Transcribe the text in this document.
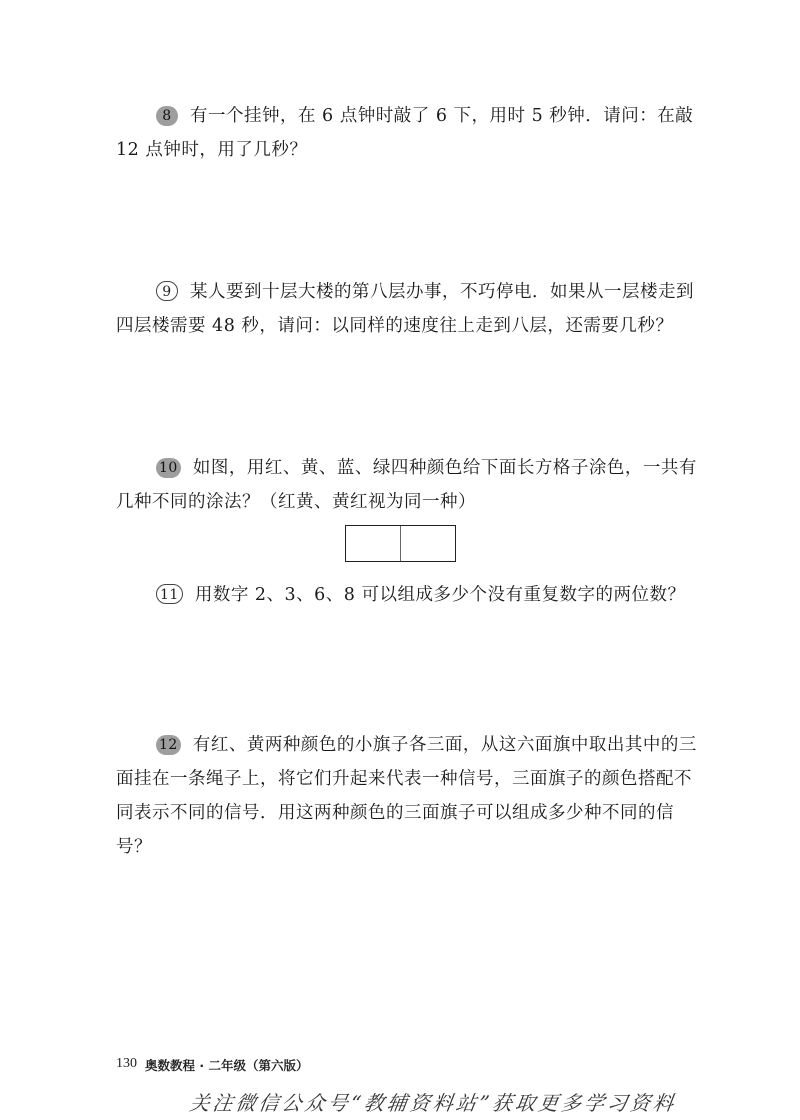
8 有一个挂钟，在 6 点钟时敲了 6 下，用时 5 秒钟．请问：在敲 12 点钟时，用了几秒？

9 某人要到十层大楼的第八层办事，不巧停电．如果从一层楼走到四层楼需要 48 秒，请问：以同样的速度往上走到八层，还需要几秒？

10 如图，用红、黄、蓝、绿四种颜色给下面长方格子涂色，一共有几种不同的涂法？（红黄、黄红视为同一种）

11 用数字 2、3、6、8 可以组成多少个没有重复数字的两位数？

12 有红、黄两种颜色的小旗子各三面，从这六面旗中取出其中的三面挂在一条绳子上，将它们升起来代表一种信号，三面旗子的颜色搭配不同表示不同的信号．用这两种颜色的三面旗子可以组成多少种不同的信号？

130 奥数教程 · 二年级（第六版）
关注微信公众号“教辅资料站”获取更多学习资料
